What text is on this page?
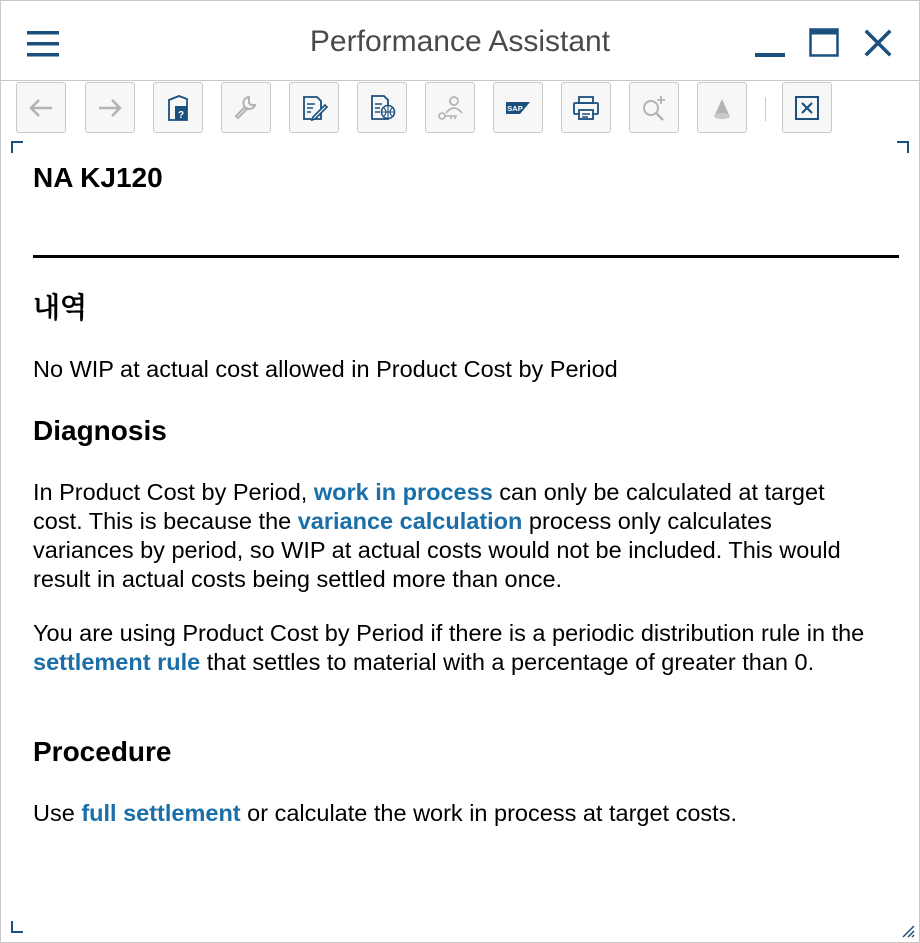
Performance Assistant
?
SAP
NA KJ120
내역

No WIP at actual cost allowed in Product Cost by Period

Diagnosis

In Product Cost by Period, work in process can only be calculated at target cost. This is because the variance calculation process only calculates variances by period, so WIP at actual costs would not be included. This would result in actual costs being settled more than once.

You are using Product Cost by Period if there is a periodic distribution rule in the settlement rule that settles to material with a percentage of greater than 0.

Procedure

Use full settlement or calculate the work in process at target costs.
